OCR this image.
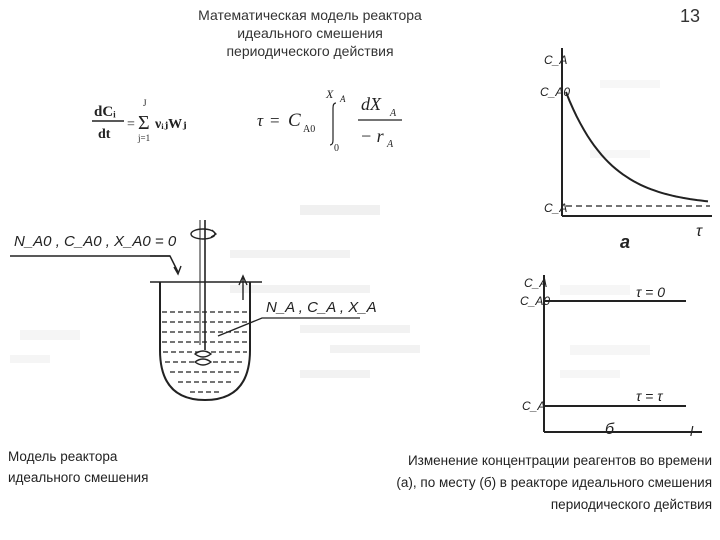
Математическая модель реактора
идеального смешения
периодического действия
13
dCᵢ
dt
=
J
Σ
j=1
νᵢⱼWⱼ	τ = C A0
X A
0
dX A
− r A
N_A0 , C_A0 , X_A0 = 0
N_A , C_A , X_A
C_A
C_A0
C_A
τ
a
C_A
C_A0
τ = 0
C_A
τ = τ
б	l
Модель реактора
идеального смешения
Изменение концентрации реагентов во времени
(а), по месту (б) в реакторе идеального смешения
периодического действия
